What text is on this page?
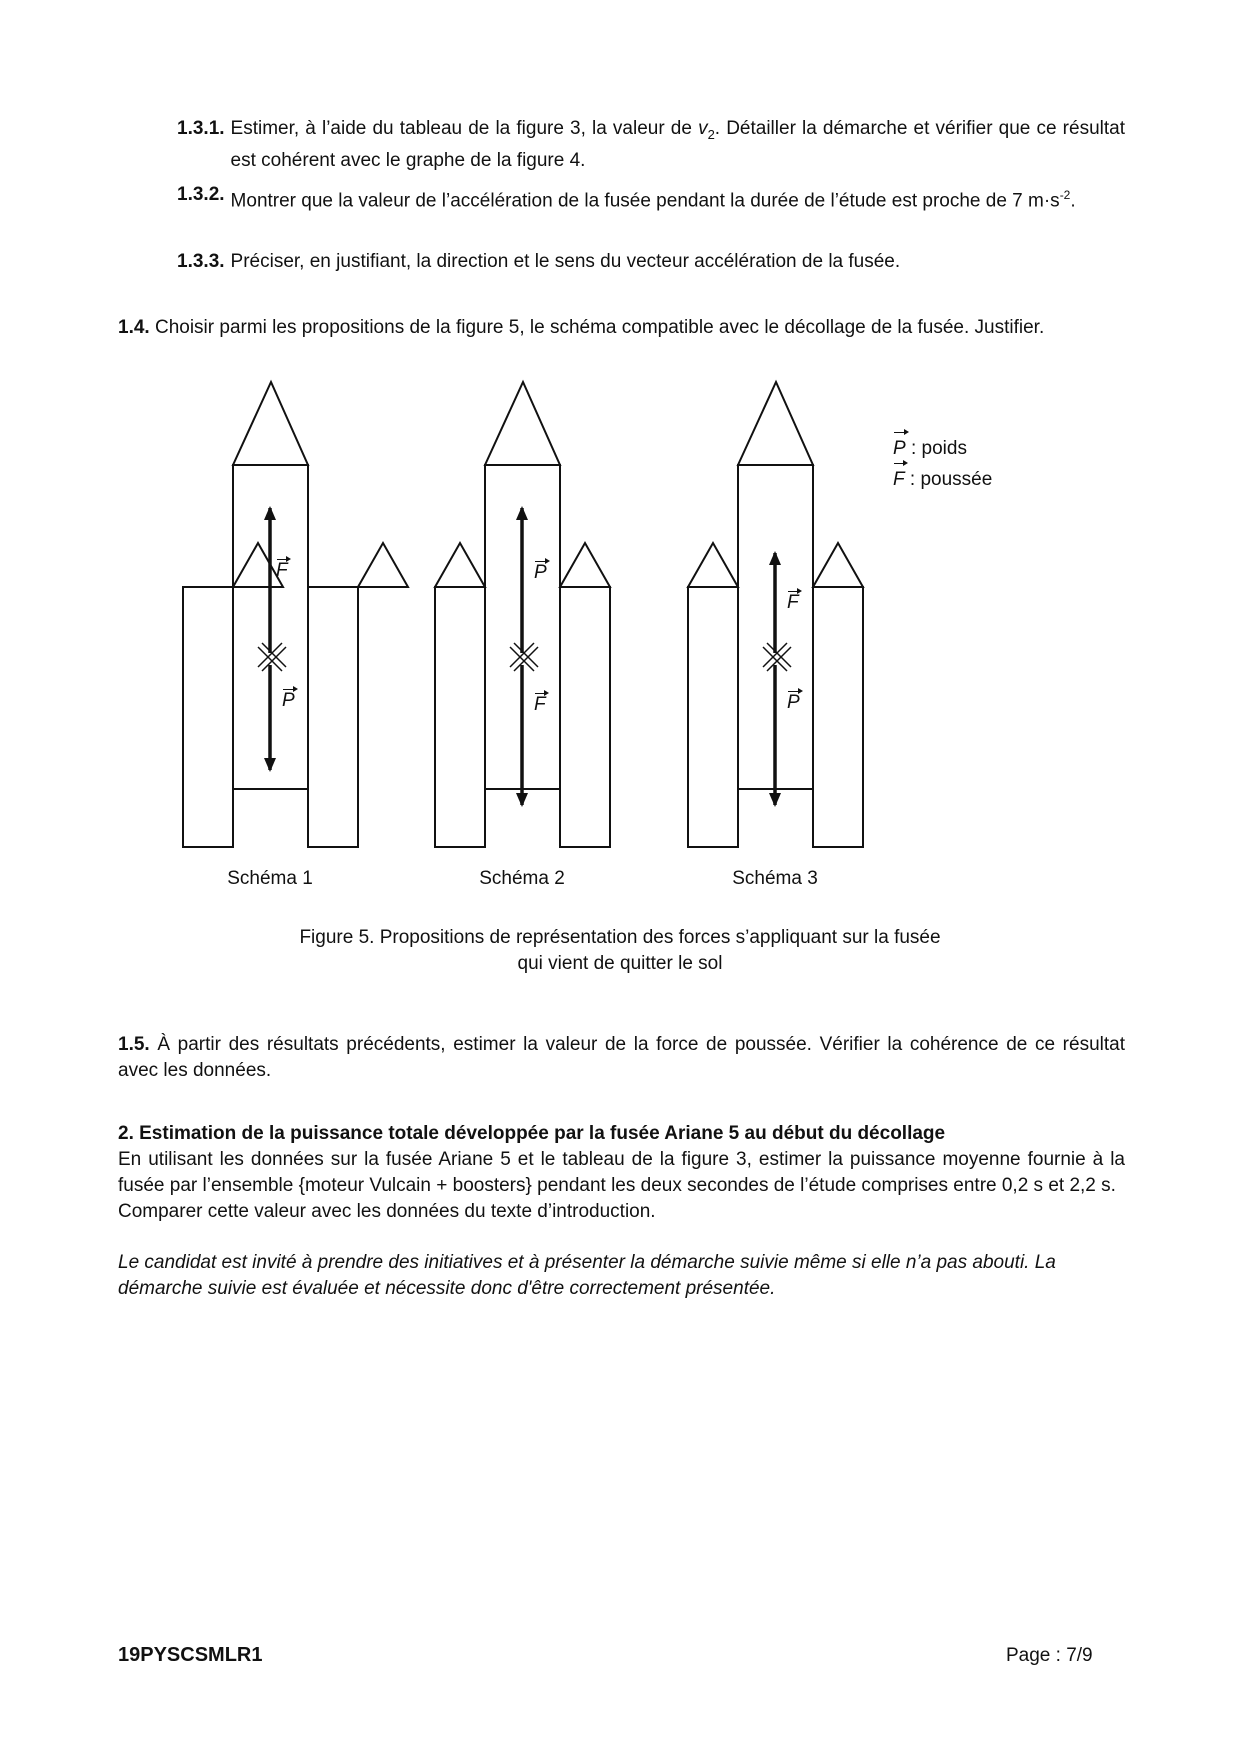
1.3.1. Estimer, à l’aide du tableau de la figure 3, la valeur de $v_2$. Détailler la démarche et vérifier que ce résultat est cohérent avec le graphe de la figure 4.
1.3.2. Montrer que la valeur de l’accélération de la fusée pendant la durée de l’étude est proche de 7 $m\cdot s^{-2}$.
1.3.3. Préciser, en justifiant, la direction et le sens du vecteur accélération de la fusée.
1.4. Choisir parmi les propositions de la figure 5, le schéma compatible avec le décollage de la fusée. Justifier.
F
P
P
F
F
P
Schéma 1	Schéma 2	Schéma 3
P : poids
F : poussée
Figure 5. Propositions de représentation des forces s’appliquant sur la fusée
qui vient de quitter le sol
1.5. À partir des résultats précédents, estimer la valeur de la force de poussée. Vérifier la cohérence de ce résultat avec les données.
2. Estimation de la puissance totale développée par la fusée Ariane 5 au début du décollage
En utilisant les données sur la fusée Ariane 5 et le tableau de la figure 3, estimer la puissance moyenne fournie à la fusée par l’ensemble {moteur Vulcain + boosters} pendant les deux secondes de l’étude comprises entre 0,2 s et 2,2 s.
Comparer cette valeur avec les données du texte d’introduction.
Le candidat est invité à prendre des initiatives et à présenter la démarche suivie même si elle n’a pas abouti. La démarche suivie est évaluée et nécessite donc d'être correctement présentée.
19PYSCSMLR1	Page : 7/9
